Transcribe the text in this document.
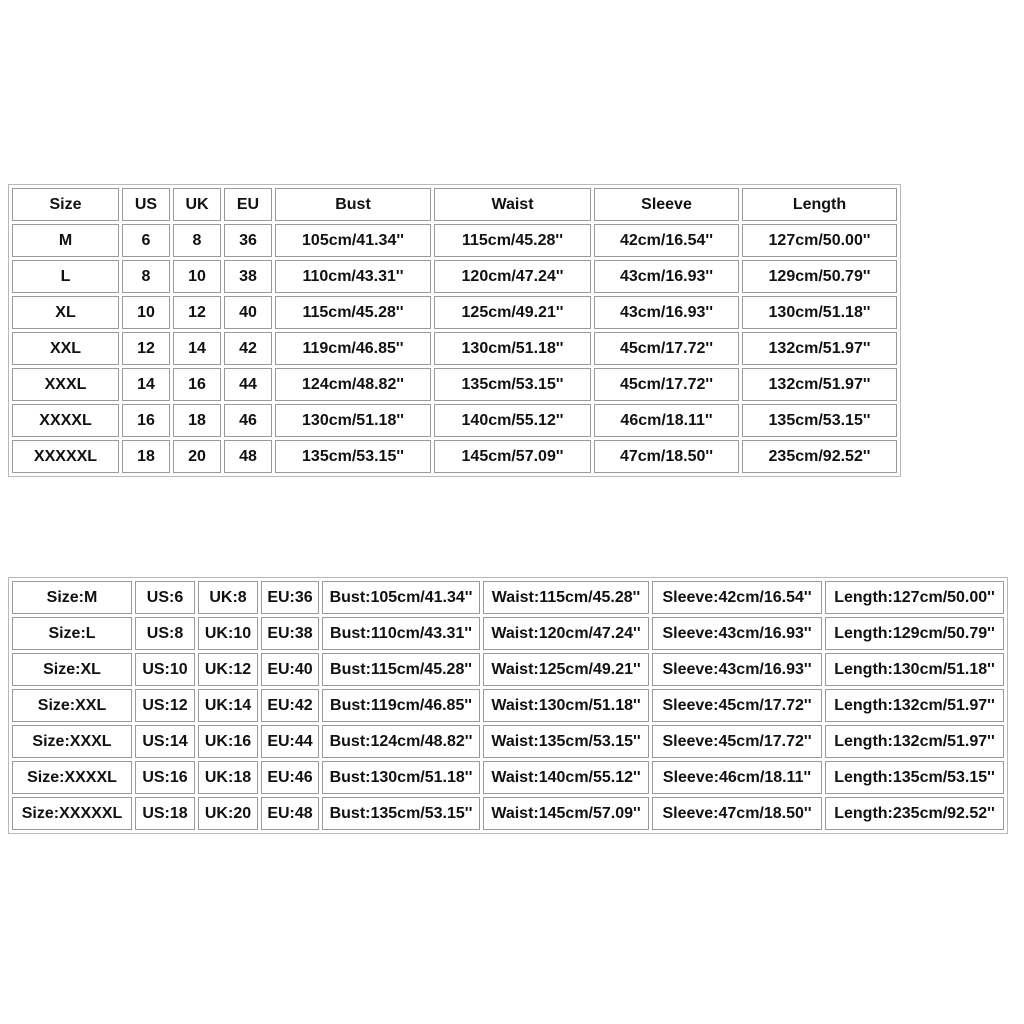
Size	US	UK	EU	Bust	Waist	Sleeve	Length
M	6	8	36	105cm/41.34''	115cm/45.28''	42cm/16.54''	127cm/50.00''
L	8	10	38	110cm/43.31''	120cm/47.24''	43cm/16.93''	129cm/50.79''
XL	10	12	40	115cm/45.28''	125cm/49.21''	43cm/16.93''	130cm/51.18''
XXL	12	14	42	119cm/46.85''	130cm/51.18''	45cm/17.72''	132cm/51.97''
XXXL	14	16	44	124cm/48.82''	135cm/53.15''	45cm/17.72''	132cm/51.97''
XXXXL	16	18	46	130cm/51.18''	140cm/55.12''	46cm/18.11''	135cm/53.15''
XXXXXL	18	20	48	135cm/53.15''	145cm/57.09''	47cm/18.50''	235cm/92.52''
Size:M	US:6	UK:8	EU:36	Bust:105cm/41.34''	Waist:115cm/45.28''	Sleeve:42cm/16.54''	Length:127cm/50.00''
Size:L	US:8	UK:10	EU:38	Bust:110cm/43.31''	Waist:120cm/47.24''	Sleeve:43cm/16.93''	Length:129cm/50.79''
Size:XL	US:10	UK:12	EU:40	Bust:115cm/45.28''	Waist:125cm/49.21''	Sleeve:43cm/16.93''	Length:130cm/51.18''
Size:XXL	US:12	UK:14	EU:42	Bust:119cm/46.85''	Waist:130cm/51.18''	Sleeve:45cm/17.72''	Length:132cm/51.97''
Size:XXXL	US:14	UK:16	EU:44	Bust:124cm/48.82''	Waist:135cm/53.15''	Sleeve:45cm/17.72''	Length:132cm/51.97''
Size:XXXXL	US:16	UK:18	EU:46	Bust:130cm/51.18''	Waist:140cm/55.12''	Sleeve:46cm/18.11''	Length:135cm/53.15''
Size:XXXXXL	US:18	UK:20	EU:48	Bust:135cm/53.15''	Waist:145cm/57.09''	Sleeve:47cm/18.50''	Length:235cm/92.52''
